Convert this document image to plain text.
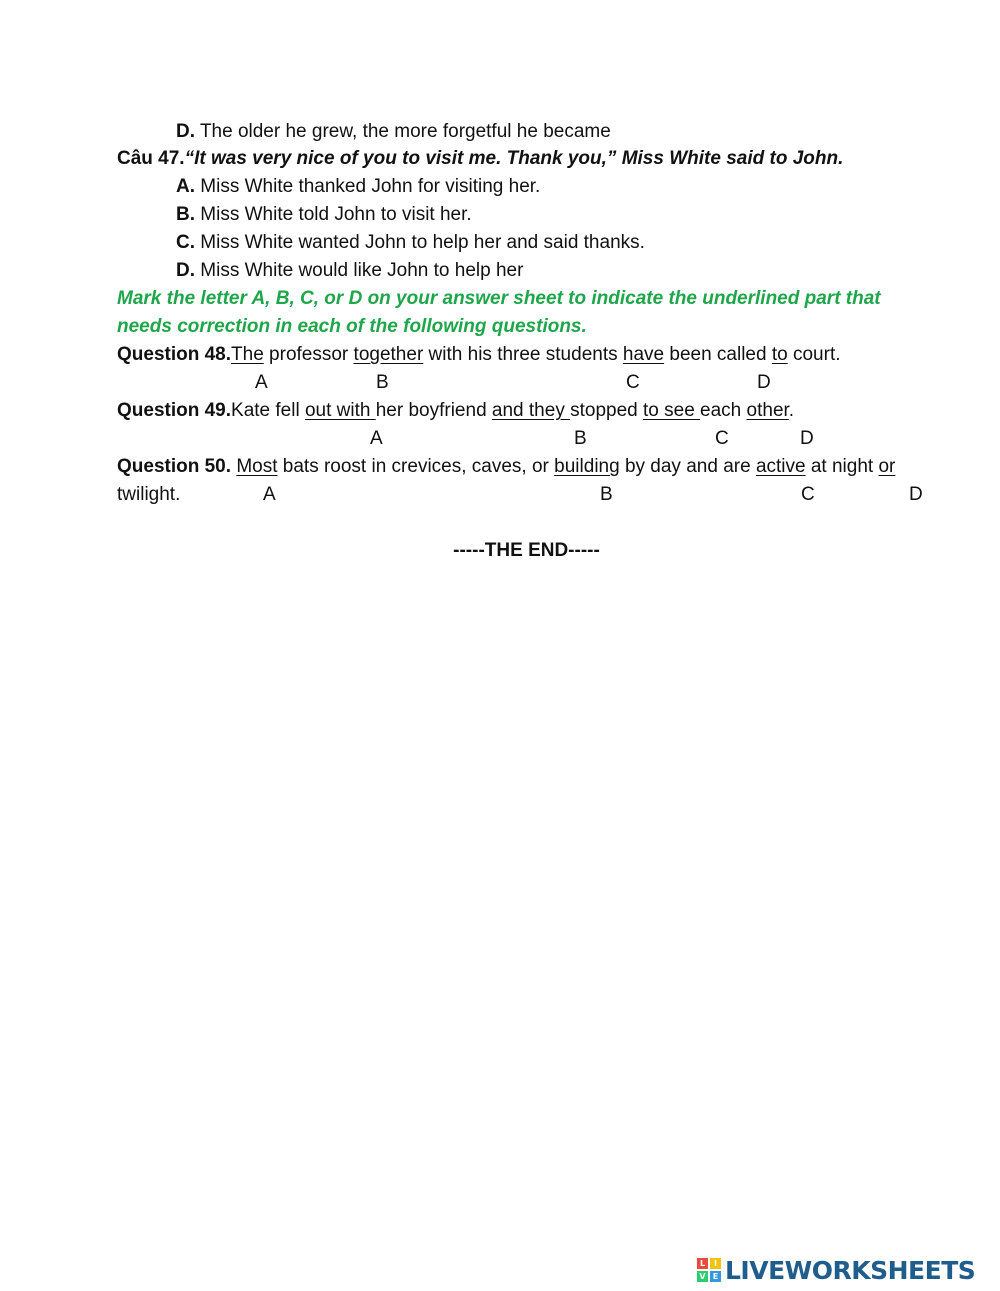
D. The older he grew, the more forgetful he became
Câu 47.“It was very nice of you to visit me. Thank you,” Miss White said to John.
A. Miss White thanked John for visiting her.
B. Miss White told John to visit her.
C. Miss White wanted John to help her and said thanks.
D. Miss White would like John to help her
Mark the letter A, B, C, or D on your answer sheet to indicate the underlined part that
needs correction in each of the following questions.
Question 48.The professor together with his three students have been called to court.
A	B	C	D
Question 49.Kate fell out with her boyfriend and they stopped to see each other.
A	B	C	D
Question 50. Most bats roost in crevices, caves, or building by day and are active at night or
twilight.	A	B	C	D
-----THE END-----
L	I
V E LIVEWORKSHEETS
